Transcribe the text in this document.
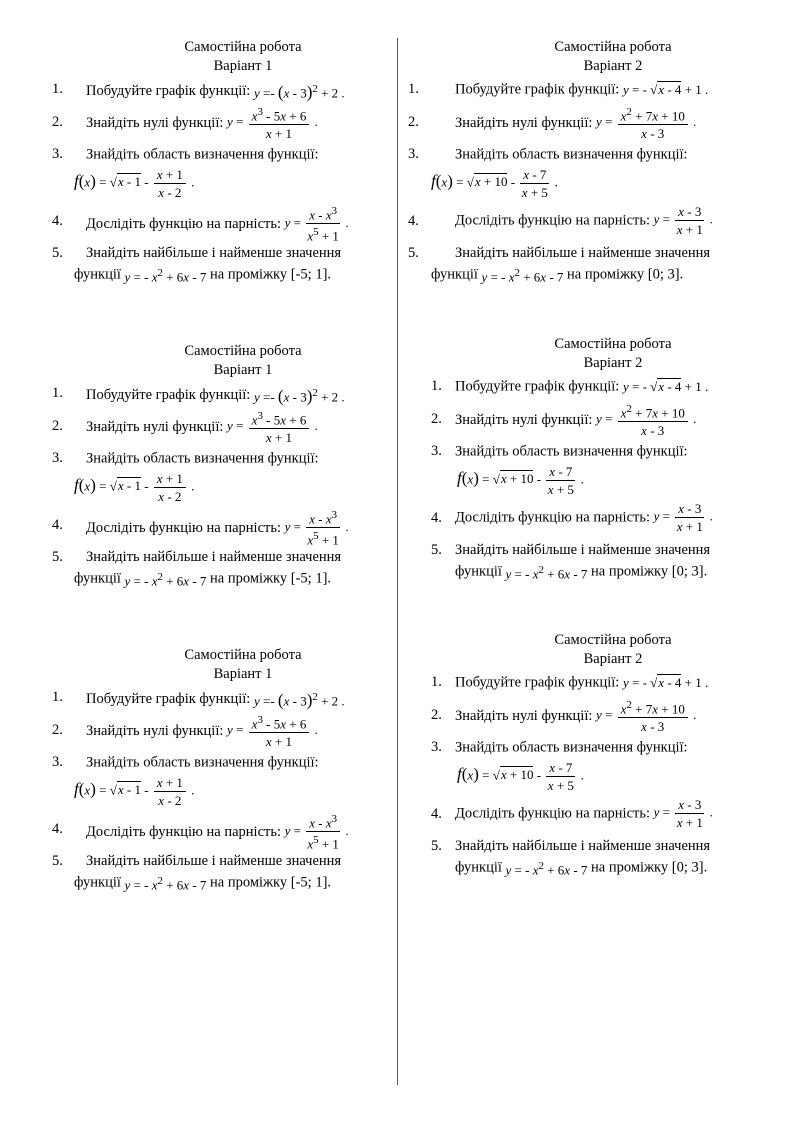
Самостійна робота
Варіант 1
1. Побудуйте графік функції: y =- (x - 3)$^2$ + 2 .
2. Знайдіть нулі функції: $y = \frac{x^3 - 5x + 6}{x + 1}$ .
3. Знайдіть область визначення функції:
$f(x) = √x - 1 - \frac{x + 1}{x - 2}$ .
4. Дослідіть функцію на парність: $y = \frac{x - x^3}{x^5 + 1}$ .
5. Знайдіть найбільше і найменше значення
функції y = - $x^2 + 6x - 7$ на проміжку [-5; 1].
Самостійна робота
Варіант 1
1. Побудуйте графік функції: y =- (x - 3)$^2$ + 2 .
2. Знайдіть нулі функції: $y = \frac{x^3 - 5x + 6}{x + 1}$ .
3. Знайдіть область визначення функції:
$f(x) = √x - 1 - \frac{x + 1}{x - 2}$ .
4. Дослідіть функцію на парність: $y = \frac{x - x^3}{x^5 + 1}$ .
5. Знайдіть найбільше і найменше значення
функції y = - $x^2 + 6x - 7$ на проміжку [-5; 1].
Самостійна робота
Варіант 1
1. Побудуйте графік функції: y =- (x - 3)$^2$ + 2 .
2. Знайдіть нулі функції: $y = \frac{x^3 - 5x + 6}{x + 1}$ .
3. Знайдіть область визначення функції:
$f(x) = √x - 1 - \frac{x + 1}{x - 2}$ .
4. Дослідіть функцію на парність: $y = \frac{x - x^3}{x^5 + 1}$ .
5. Знайдіть найбільше і найменше значення
функції y = - $x^2 + 6x - 7$ на проміжку [-5; 1].
Самостійна робота
Варіант 2
1. Побудуйте графік функції: y = - √x - 4 + 1 .
2. Знайдіть нулі функції: $y = \frac{x^2 + 7x + 10}{x - 3}$ .
3. Знайдіть область визначення функції:
$f(x) = √x + 10 - \frac{x - 7}{x + 5}$ .
4. Дослідіть функцію на парність: $y = \frac{x - 3}{x + 1}$ .
5. Знайдіть найбільше і найменше значення
функції y = - $x^2 + 6x - 7$ на проміжку [0; 3].
Самостійна робота
Варіант 2
1. Побудуйте графік функції: y = - √x - 4 + 1 .
2. Знайдіть нулі функції: $y = \frac{x^2 + 7x + 10}{x - 3}$ .
3. Знайдіть область визначення функції:
$f(x) = √x + 10 - \frac{x - 7}{x + 5}$ .
4. Дослідіть функцію на парність: $y = \frac{x - 3}{x + 1}$ .
5. Знайдіть найбільше і найменше значення
функції y = - $x^2 + 6x - 7$ на проміжку [0; 3].
Самостійна робота
Варіант 2
1. Побудуйте графік функції: y = - √x - 4 + 1 .
2. Знайдіть нулі функції: $y = \frac{x^2 + 7x + 10}{x - 3}$ .
3. Знайдіть область визначення функції:
$f(x) = √x + 10 - \frac{x - 7}{x + 5}$ .
4. Дослідіть функцію на парність: $y = \frac{x - 3}{x + 1}$ .
5. Знайдіть найбільше і найменше значення
функції y = - $x^2 + 6x - 7$ на проміжку [0; 3].
